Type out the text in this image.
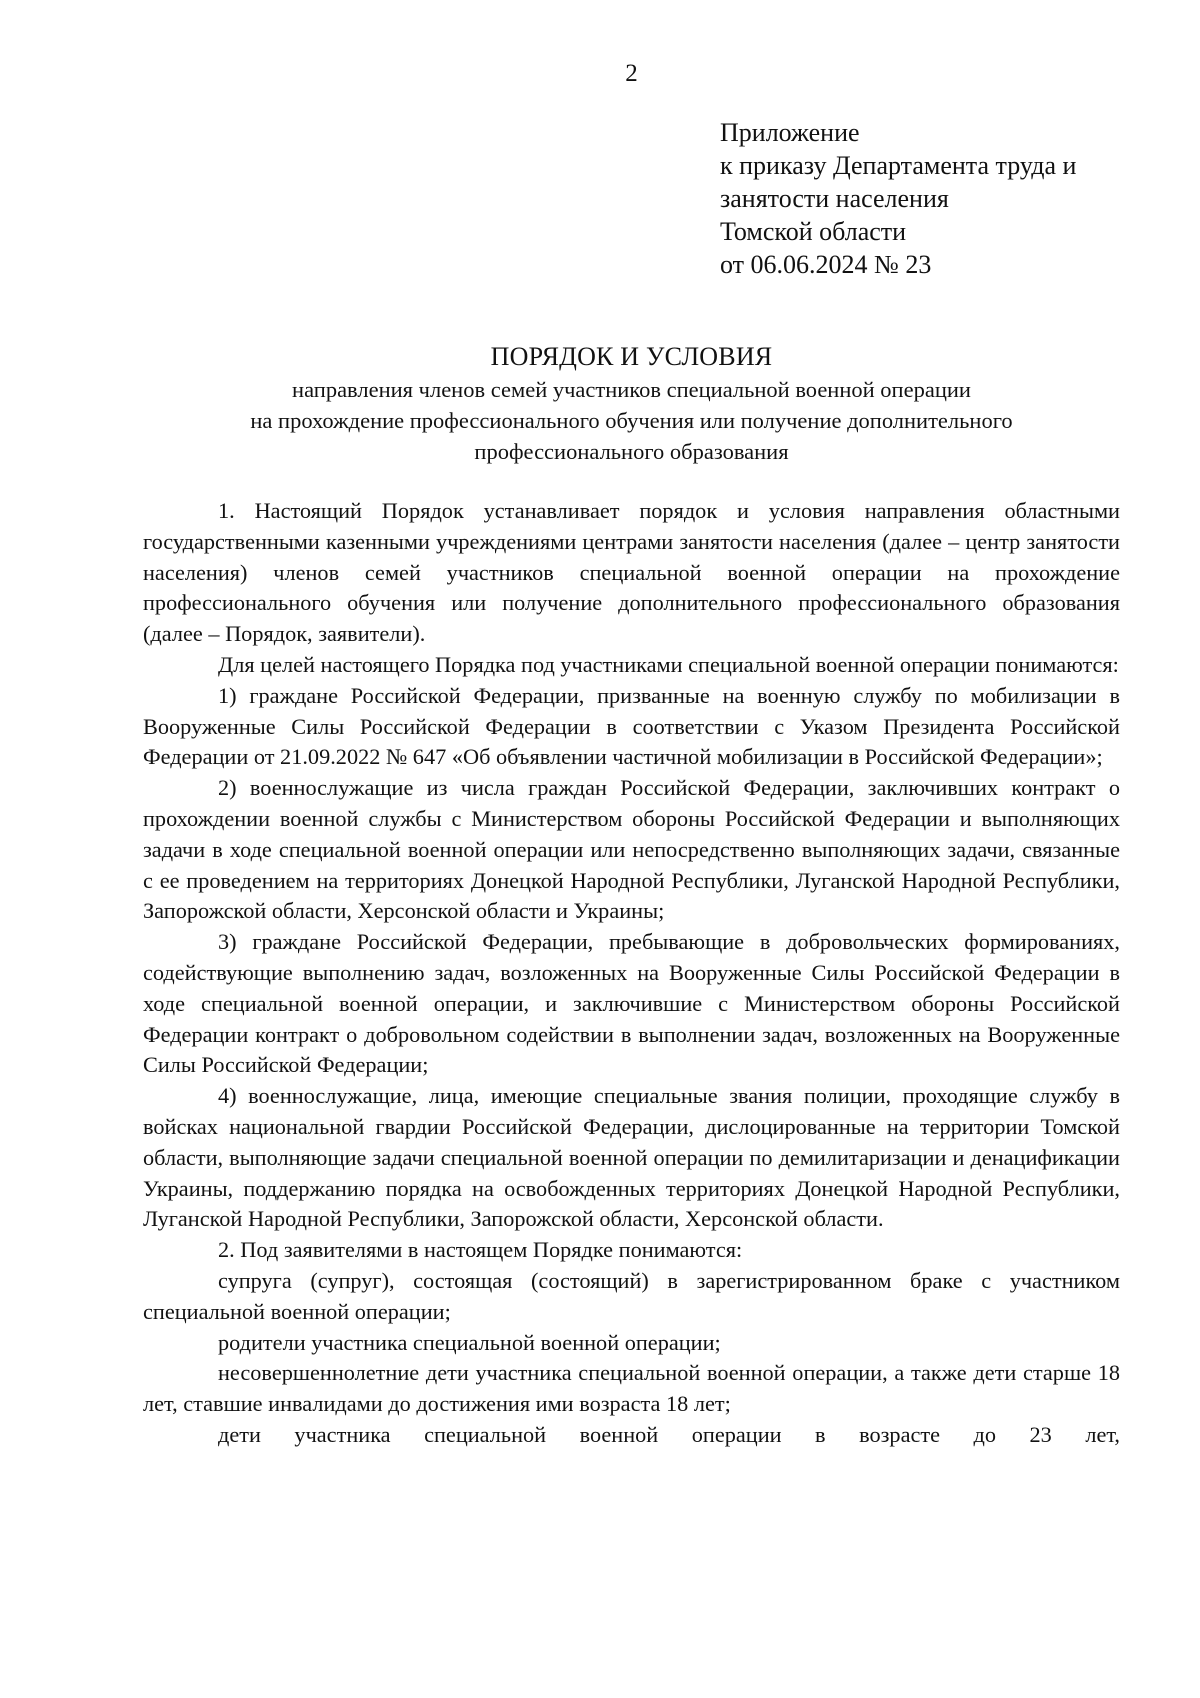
2
Приложение
к приказу Департамента труда и
занятости населения
Томской области
от 06.06.2024 № 23
ПОРЯДОК И УСЛОВИЯ
направления членов семей участников специальной военной операции
на прохождение профессионального обучения или получение дополнительного
профессионального образования

1. Настоящий Порядок устанавливает порядок и условия направления областными государственными казенными учреждениями центрами занятости населения (далее – центр занятости населения) членов семей участников специальной военной операции на прохождение профессионального обучения или получение дополнительного профессионального образования (далее – Порядок, заявители).

Для целей настоящего Порядка под участниками специальной военной операции понимаются:

1) граждане Российской Федерации, призванные на военную службу по мобилизации в Вооруженные Силы Российской Федерации в соответствии с Указом Президента Российской Федерации от 21.09.2022 № 647 «Об объявлении частичной мобилизации в Российской Федерации»;

2) военнослужащие из числа граждан Российской Федерации, заключивших контракт о прохождении военной службы с Министерством обороны Российской Федерации и выполняющих задачи в ходе специальной военной операции или непосредственно выполняющих задачи, связанные с ее проведением на территориях Донецкой Народной Республики, Луганской Народной Республики, Запорожской области, Херсонской области и Украины;

3) граждане Российской Федерации, пребывающие в добровольческих формированиях, содействующие выполнению задач, возложенных на Вооруженные Силы Российской Федерации в ходе специальной военной операции, и заключившие с Министерством обороны Российской Федерации контракт о добровольном содействии в выполнении задач, возложенных на Вооруженные Силы Российской Федерации;

4) военнослужащие, лица, имеющие специальные звания полиции, проходящие службу в войсках национальной гвардии Российской Федерации, дислоцированные на территории Томской области, выполняющие задачи специальной военной операции по демилитаризации и денацификации Украины, поддержанию порядка на освобожденных территориях Донецкой Народной Республики, Луганской Народной Республики, Запорожской области, Херсонской области.

2. Под заявителями в настоящем Порядке понимаются:

супруга (супруг), состоящая (состоящий) в зарегистрированном браке с участником специальной военной операции;

родители участника специальной военной операции;

несовершеннолетние дети участника специальной военной операции, а также дети старше 18 лет, ставшие инвалидами до достижения ими возраста 18 лет;

дети участника специальной военной операции в возрасте до 23 лет,
